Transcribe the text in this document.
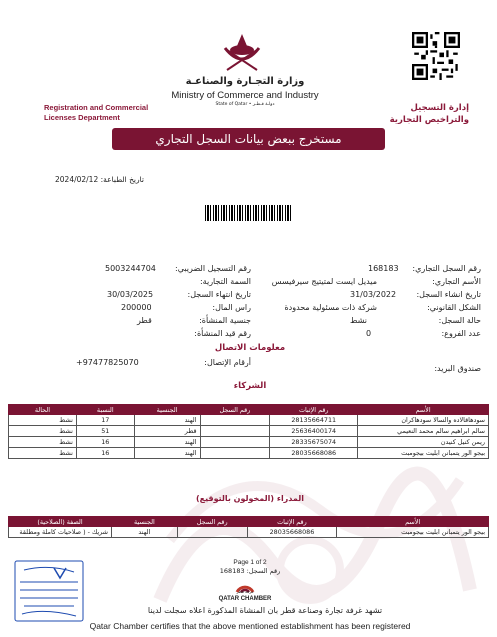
وزارة التجـارة والصناعـة
Ministry of Commerce and Industry
State of Qatar • دولـة قـطـر
Registration and Commercial
Licenses Department
إدارة التسجيل
والتراخيص التجارية
مستخرج ببعض بيانات السجل التجاري
تاريخ الطباعة: 2024/02/12
رقم السجل التجاري:
168183
الأسم التجاري:
ميديل ايست لمتيتيج سيرفيسس
تاريخ انشاء السجل:
31/03/2022
الشكل القانوني:
شركة ذات مسئولية محدودة
حالة السجل:
نشط
عدد الفروع:
0
رقم التسجيل الضريبي:
5003244704
السمة التجارية:
تاريخ انتهاء السجل:
30/03/2025
راس المال:
200000
جنسية المنشأة:
قطر
رقم قيد المنشأة:
معلومات الاتصال
أرقام الإتصال:
+97477825070
صندوق البريد:
الشركاء
الأسم	رقم الإثبات	رقم السجل	الجنسية	النسبة	الحالة
سودهاقالاده والسالا سودهاكران	28135664711		الهند	17	نشط
سالم ابراهيم سالم محمد النعيمي	25636400174		قطر	51	نشط
ريمن كنيل كنيدن	28335675074		الهند	16	نشط
بيجو الور يتمبانن ابليت بيجومبت	28035668086		الهند	16	نشط
المدراء (المخولون بالتوقيع)
الأسم	رقم الإثبات	رقم السجل	الجنسية	الصفة (الصلاحية)
بيجو الور يتمبانن ابليت بيجومبت	28035668086		الهند	شريك - ( صلاحيات كاملة ومطلقة
Page 1 of 2
رقم السجل: 168183
QATAR CHAMBER
غرفة قطر
تشهد غرفة تجارة وصناعة قطر بان المنشاة المذكورة اعلاه سجلت لدينا
Qatar Chamber certifies that the above mentioned establishment has been registered
